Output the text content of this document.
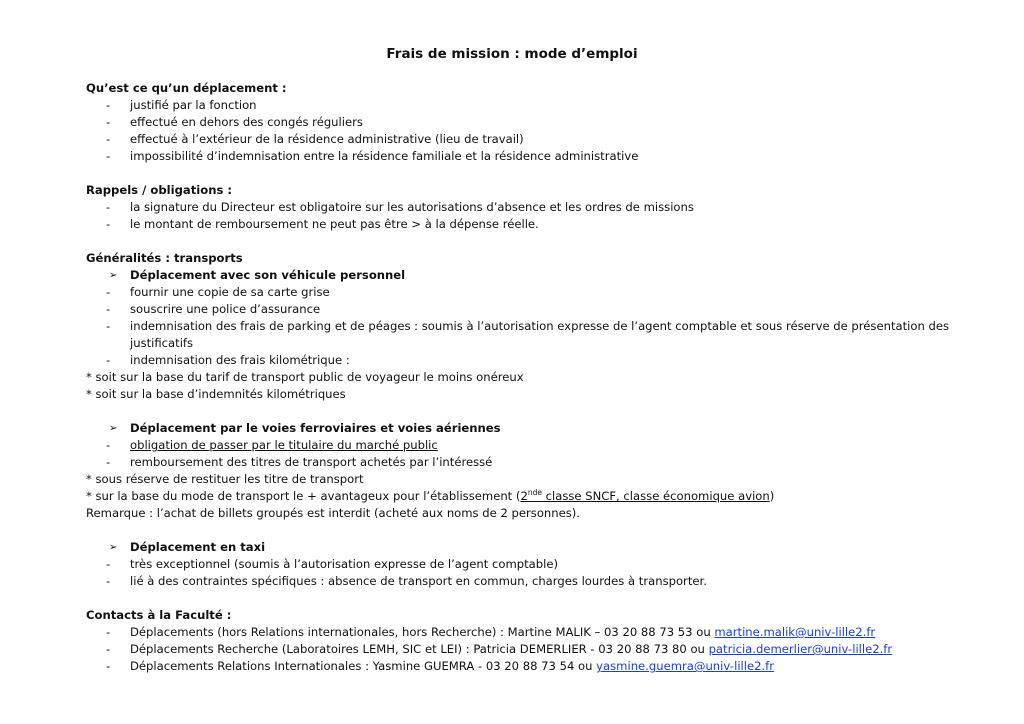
Frais de mission : mode d’emploi
Qu’est ce qu’un déplacement :
- justifié par la fonction
- effectué en dehors des congés réguliers
- effectué à l’extérieur de la résidence administrative (lieu de travail)
- impossibilité d’indemnisation entre la résidence familiale et la résidence administrative
Rappels / obligations :
- la signature du Directeur est obligatoire sur les autorisations d’absence et les ordres de missions
- le montant de remboursement ne peut pas être > à la dépense réelle.
Généralités : transports
➢ Déplacement avec son véhicule personnel
- fournir une copie de sa carte grise
- souscrire une police d’assurance
- indemnisation des frais de parking et de péages : soumis à l’autorisation expresse de l’agent comptable et sous réserve de présentation des justificatifs
- indemnisation des frais kilométrique :
* soit sur la base du tarif de transport public de voyageur le moins onéreux
* soit sur la base d’indemnités kilométriques
➢ Déplacement par le voies ferroviaires et voies aériennes
- obligation de passer par le titulaire du marché public
- remboursement des titres de transport achetés par l’intéressé
* sous réserve de restituer les titre de transport
* sur la base du mode de transport le + avantageux pour l’établissement (2nde classe SNCF, classe économique avion)
Remarque : l’achat de billets groupés est interdit (acheté aux noms de 2 personnes).
➢ Déplacement en taxi
- très exceptionnel (soumis à l’autorisation expresse de l’agent comptable)
- lié à des contraintes spécifiques : absence de transport en commun, charges lourdes à transporter.
Contacts à la Faculté :
- Déplacements (hors Relations internationales, hors Recherche) : Martine MALIK – 03 20 88 73 53 ou martine.malik@univ-lille2.fr
- Déplacements Recherche (Laboratoires LEMH, SIC et LEI) : Patricia DEMERLIER - 03 20 88 73 80 ou patricia.demerlier@univ-lille2.fr
- Déplacements Relations Internationales : Yasmine GUEMRA - 03 20 88 73 54 ou yasmine.guemra@univ-lille2.fr
